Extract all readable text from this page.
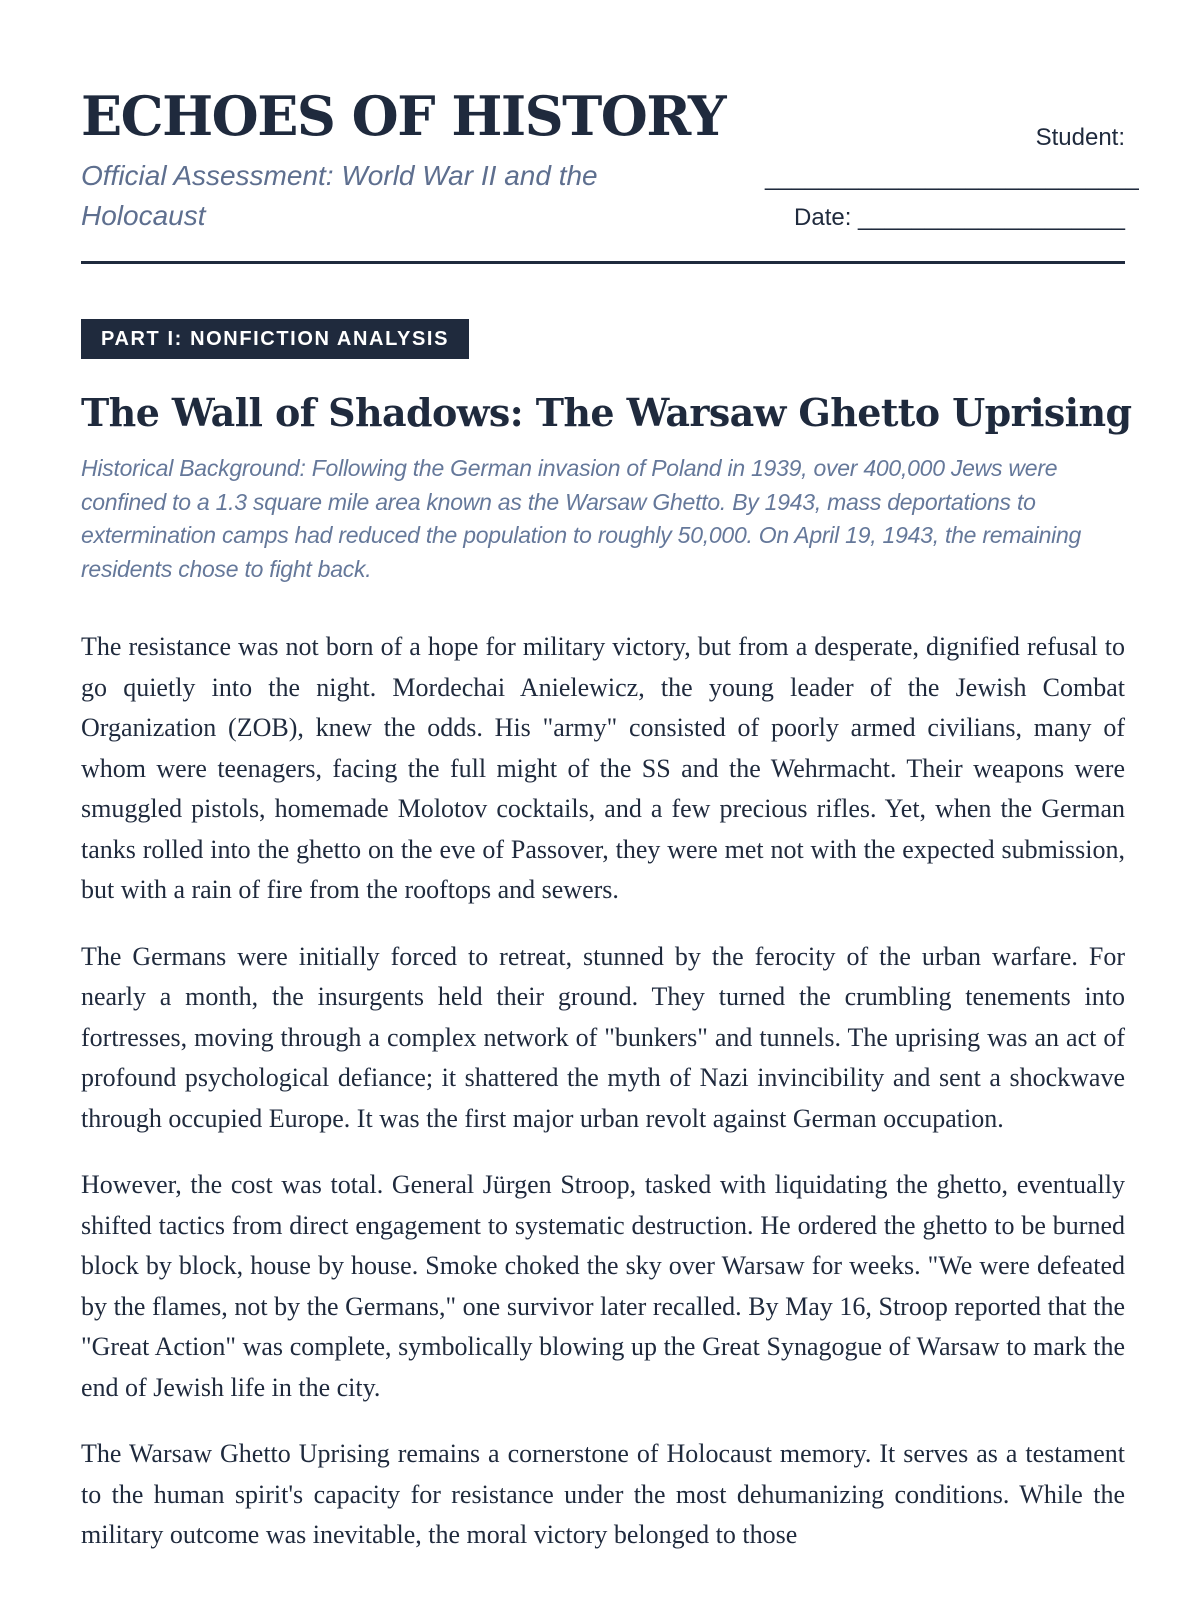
ECHOES OF HISTORY
Official Assessment: World War II and the Holocaust
Student:
____________________________
Date: ____________________
PART I: NONFICTION ANALYSIS
The Wall of Shadows: The Warsaw Ghetto Uprising
Historical Background: Following the German invasion of Poland in 1939, over 400,000 Jews were confined to a 1.3 square mile area known as the Warsaw Ghetto. By 1943, mass deportations to extermination camps had reduced the population to roughly 50,000. On April 19, 1943, the remaining residents chose to fight back.

The resistance was not born of a hope for military victory, but from a desperate, dignified refusal to go quietly into the night. Mordechai Anielewicz, the young leader of the Jewish Combat Organization (ZOB), knew the odds. His "army" consisted of poorly armed civilians, many of whom were teenagers, facing the full might of the SS and the Wehrmacht. Their weapons were smuggled pistols, homemade Molotov cocktails, and a few precious rifles. Yet, when the German tanks rolled into the ghetto on the eve of Passover, they were met not with the expected submission, but with a rain of fire from the rooftops and sewers.

The Germans were initially forced to retreat, stunned by the ferocity of the urban warfare. For nearly a month, the insurgents held their ground. They turned the crumbling tenements into fortresses, moving through a complex network of "bunkers" and tunnels. The uprising was an act of profound psychological defiance; it shattered the myth of Nazi invincibility and sent a shockwave through occupied Europe. It was the first major urban revolt against German occupation.

However, the cost was total. General Jürgen Stroop, tasked with liquidating the ghetto, eventually shifted tactics from direct engagement to systematic destruction. He ordered the ghetto to be burned block by block, house by house. Smoke choked the sky over Warsaw for weeks. "We were defeated by the flames, not by the Germans," one survivor later recalled. By May 16, Stroop reported that the "Great Action" was complete, symbolically blowing up the Great Synagogue of Warsaw to mark the end of Jewish life in the city.

The Warsaw Ghetto Uprising remains a cornerstone of Holocaust memory. It serves as a testament to the human spirit's capacity for resistance under the most dehumanizing conditions. While the military outcome was inevitable, the moral victory belonged to those
